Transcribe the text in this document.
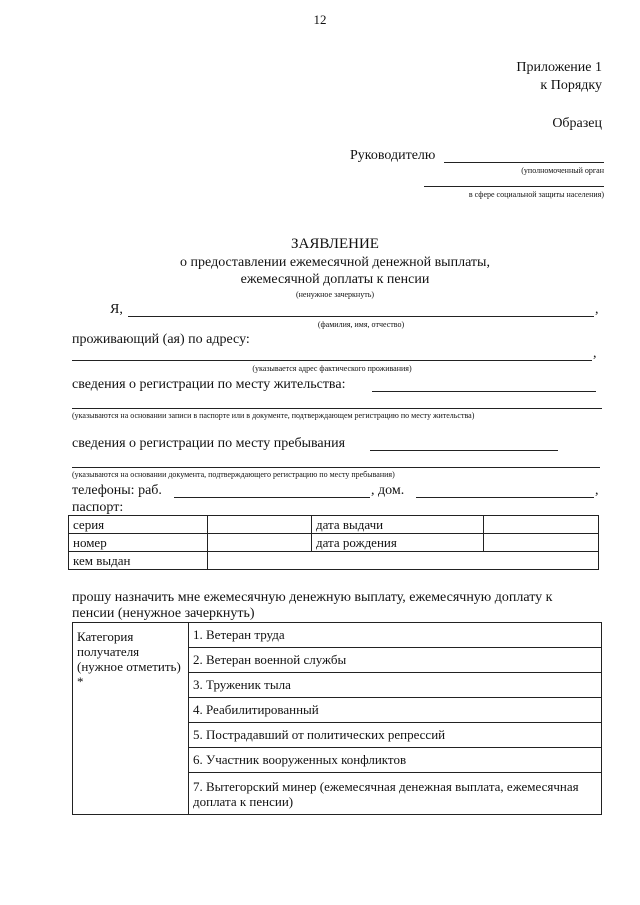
12
Приложение 1
к Порядку
Образец
Руководителю
(уполномоченный орган
в сфере социальной защиты населения)
ЗАЯВЛЕНИЕ
о предоставлении ежемесячной денежной выплаты,
ежемесячной доплаты к пенсии
(ненужное зачеркнуть)
Я,	,
(фамилия, имя, отчество)
проживающий (ая) по адресу:
,
(указывается адрес фактического проживания)
сведения о регистрации по месту жительства:
(указываются на основании записи в паспорте или в документе, подтверждающем регистрацию по месту жительства)
сведения о регистрации по месту пребывания
(указываются на основании документа, подтверждающего регистрацию по месту пребывания)
телефоны: раб.	, дом.	,
паспорт:
серия		дата выдачи	
номер		дата рождения	
кем выдан			
прошу назначить мне ежемесячную денежную выплату, ежемесячную доплату к
пенсии (ненужное зачеркнуть)
Категория получателя (нужное отметить) *	1. Ветеран труда
2. Ветеран военной службы
3. Труженик тыла
4. Реабилитированный
5. Пострадавший от политических репрессий
6. Участник вооруженных конфликтов
7. Вытегорский минер (ежемесячная денежная выплата, ежемесячная доплата к пенсии)
